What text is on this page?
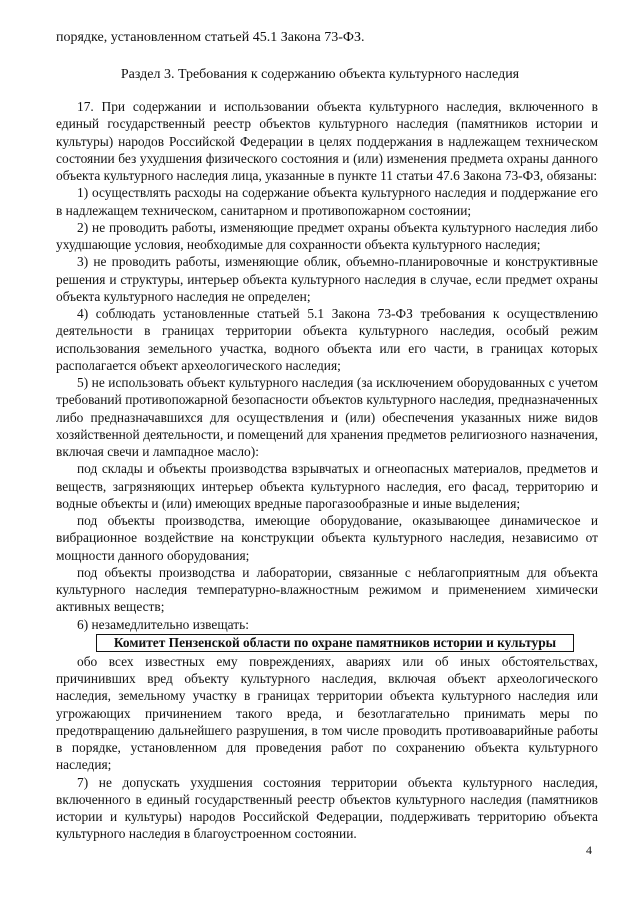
порядке, установленном статьей 45.1 Закона 73-ФЗ.
Раздел 3. Требования к содержанию объекта культурного наследия

17. При содержании и использовании объекта культурного наследия, включенного в единый государственный реестр объектов культурного наследия (памятников истории и культуры) народов Российской Федерации в целях поддержания в надлежащем техническом состоянии без ухудшения физического состояния и (или) изменения предмета охраны данного объекта культурного наследия лица, указанные в пункте 11 статьи 47.6 Закона 73-ФЗ, обязаны:

1) осуществлять расходы на содержание объекта культурного наследия и поддержание его в надлежащем техническом, санитарном и противопожарном состоянии;

2) не проводить работы, изменяющие предмет охраны объекта культурного наследия либо ухудшающие условия, необходимые для сохранности объекта культурного наследия;

3) не проводить работы, изменяющие облик, объемно-планировочные и конструктивные решения и структуры, интерьер объекта культурного наследия в случае, если предмет охраны объекта культурного наследия не определен;

4) соблюдать установленные статьей 5.1 Закона 73-ФЗ требования к осуществлению деятельности в границах территории объекта культурного наследия, особый режим использования земельного участка, водного объекта или его части, в границах которых располагается объект археологического наследия;

5) не использовать объект культурного наследия (за исключением оборудованных с учетом требований противопожарной безопасности объектов культурного наследия, предназначенных либо предназначавшихся для осуществления и (или) обеспечения указанных ниже видов хозяйственной деятельности, и помещений для хранения предметов религиозного назначения, включая свечи и лампадное масло):

под склады и объекты производства взрывчатых и огнеопасных материалов, предметов и веществ, загрязняющих интерьер объекта культурного наследия, его фасад, территорию и водные объекты и (или) имеющих вредные парогазообразные и иные выделения;

под объекты производства, имеющие оборудование, оказывающее динамическое и вибрационное воздействие на конструкции объекта культурного наследия, независимо от мощности данного оборудования;

под объекты производства и лаборатории, связанные с неблагоприятным для объекта культурного наследия температурно-влажностным режимом и применением химически активных веществ;

6) незамедлительно извещать:

Комитет Пензенской области по охране памятников истории и культуры

обо всех известных ему повреждениях, авариях или об иных обстоятельствах, причинивших вред объекту культурного наследия, включая объект археологического наследия, земельному участку в границах территории объекта культурного наследия или угрожающих причинением такого вреда, и безотлагательно принимать меры по предотвращению дальнейшего разрушения, в том числе проводить противоаварийные работы в порядке, установленном для проведения работ по сохранению объекта культурного наследия;

7) не допускать ухудшения состояния территории объекта культурного наследия, включенного в единый государственный реестр объектов культурного наследия (памятников истории и культуры) народов Российской Федерации, поддерживать территорию объекта культурного наследия в благоустроенном состоянии.

4
